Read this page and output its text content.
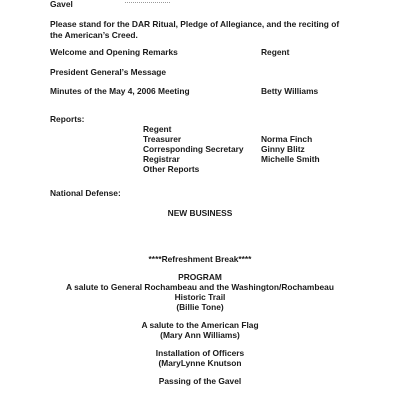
Gavel
Please stand for the DAR Ritual, Pledge of Allegiance, and the reciting of
the American’s Creed.
Welcome and Opening Remarks	Regent
President General’s Message
Minutes of the May 4, 2006 Meeting	Betty Williams
Reports:
Regent
Treasurer	Norma Finch
Corresponding Secretary Ginny Blitz
Registrar	Michelle Smith
Other Reports
National Defense:
NEW BUSINESS
****Refreshment Break****
PROGRAM
A salute to General Rochambeau and the Washington/Rochambeau
Historic Trail
(Billie Tone)
A salute to the American Flag
(Mary Ann Williams)
Installation of Officers
(MaryLynne Knutson
Passing of the Gavel
